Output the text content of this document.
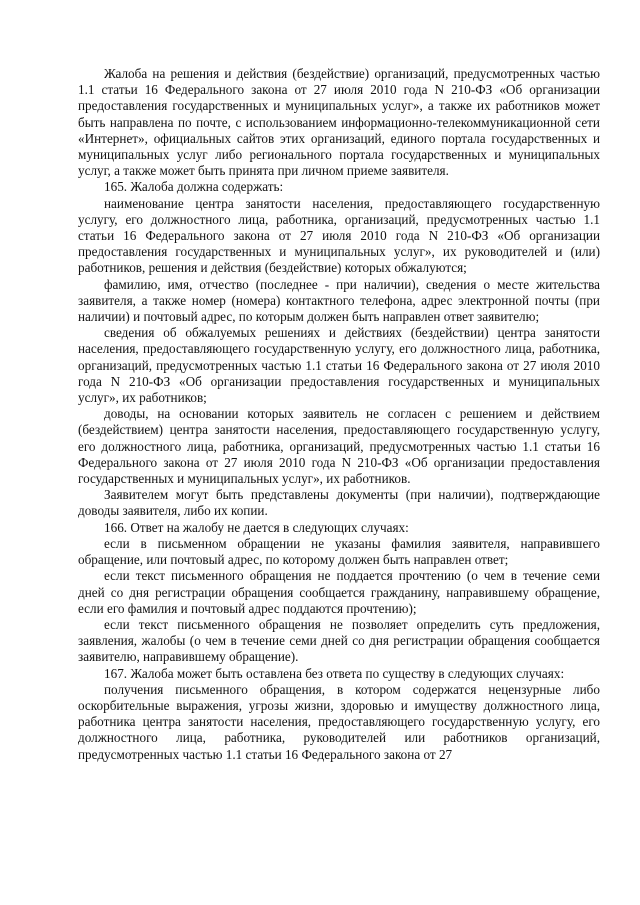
Жалоба на решения и действия (бездействие) организаций, предусмотренных частью 1.1 статьи 16 Федерального закона от 27 июля 2010 года N 210-ФЗ «Об организации предоставления государственных и муниципальных услуг», а также их работников может быть направлена по почте, с использованием информационно-телекоммуникационной сети «Интернет», официальных сайтов этих организаций, единого портала государственных и муниципальных услуг либо регионального портала государственных и муниципальных услуг, а также может быть принята при личном приеме заявителя.

165. Жалоба должна содержать:

наименование центра занятости населения, предоставляющего государственную услугу, его должностного лица, работника, организаций, предусмотренных частью 1.1 статьи 16 Федерального закона от 27 июля 2010 года N 210-ФЗ «Об организации предоставления государственных и муниципальных услуг», их руководителей и (или) работников, решения и действия (бездействие) которых обжалуются;

фамилию, имя, отчество (последнее - при наличии), сведения о месте жительства заявителя, а также номер (номера) контактного телефона, адрес электронной почты (при наличии) и почтовый адрес, по которым должен быть направлен ответ заявителю;

сведения об обжалуемых решениях и действиях (бездействии) центра занятости населения, предоставляющего государственную услугу, его должностного лица, работника, организаций, предусмотренных частью 1.1 статьи 16 Федерального закона от 27 июля 2010 года N 210-ФЗ «Об организации предоставления государственных и муниципальных услуг», их работников;

доводы, на основании которых заявитель не согласен с решением и действием (бездействием) центра занятости населения, предоставляющего государственную услугу, его должностного лица, работника, организаций, предусмотренных частью 1.1 статьи 16 Федерального закона от 27 июля 2010 года N 210-ФЗ «Об организации предоставления государственных и муниципальных услуг», их работников.

Заявителем могут быть представлены документы (при наличии), подтверждающие доводы заявителя, либо их копии.

166. Ответ на жалобу не дается в следующих случаях:

если в письменном обращении не указаны фамилия заявителя, направившего обращение, или почтовый адрес, по которому должен быть направлен ответ;

если текст письменного обращения не поддается прочтению (о чем в течение семи дней со дня регистрации обращения сообщается гражданину, направившему обращение, если его фамилия и почтовый адрес поддаются прочтению);

если текст письменного обращения не позволяет определить суть предложения, заявления, жалобы (о чем в течение семи дней со дня регистрации обращения сообщается заявителю, направившему обращение).

167. Жалоба может быть оставлена без ответа по существу в следующих случаях:

получения письменного обращения, в котором содержатся нецензурные либо оскорбительные выражения, угрозы жизни, здоровью и имуществу должностного лица, работника центра занятости населения, предоставляющего государственную услугу, его должностного лица, работника, руководителей или работников организаций, предусмотренных частью 1.1 статьи 16 Федерального закона от 27
